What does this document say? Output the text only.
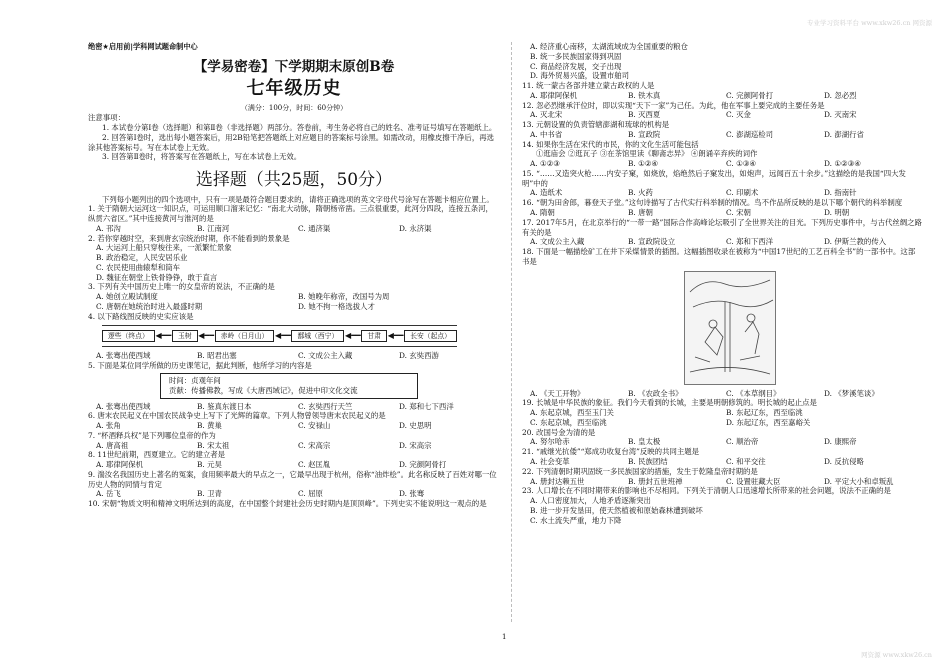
专业学习资料平台 www.xkw26.cn 网资源
网资源 www.xkw26.cn
绝密★启用前|学科网试题命制中心
【学易密卷】下学期期末原创B卷
七年级历史
（满分：100分，时间：60分钟）

注意事项：

1. 本试卷分第Ⅰ卷（选择题）和第Ⅱ卷（非选择题）两部分。答卷前，考生务必将自己的姓名、准考证号填写在答题纸上。

2. 回答第Ⅰ卷时，选出每小题答案后，用2B铅笔把答题纸上对应题目的答案标号涂黑。如需改动，用橡皮擦干净后，再选涂其他答案标号。写在本试卷上无效。

3. 回答第Ⅱ卷时，将答案写在答题纸上，写在本试卷上无效。

选择题（共25题，50分）

下列每小题列出的四个选项中，只有一项是最符合题目要求的，请将正确选项的英文字母代号涂写在答题卡相应位置上。

1. 关于隋朝大运河这一知识点，可运用顺口溜来记忆：“南北大动脉，隋朝杨帝凿。三点很重要，此河分四段，连接五条河，纵贯六省区。”其中连接黄河与淮河的是

A. 邗沟	B. 江南河	C. 通济渠	D. 永济渠

2. 若你穿越时空，来到唐玄宗统治时期，你不能看到的景象是

A. 大运河上船只穿梭往来，一派繁忙景象
B. 政治稳定，人民安居乐业
C. 农民使用曲辕犁和筒车
D. 魏征在朝堂上铁骨铮铮，敢于直言

3. 下列有关中国历史上唯一的女皇帝的说法，不正确的是

A. 她创立殿试制度	B. 她晚年称帝，改国号为周
C. 唐朝在她统治时进入最盛时期	D. 她不拘一格选拔人才

4. 以下路线图反映的史实应该是

逻些（终点） ◀━━ 玉树 ◀━━ 赤岭（日月山） ◀━━ 鄯城（西宁） ◀━━ 甘肃 ◀━━ 长安（起点）
A. 张骞出使西域	B. 昭君出塞	C. 文成公主入藏	D. 玄奘西游

5. 下面是某位同学所做的历史课笔记，据此判断，他所学习的内容是

时间：贞观年间
贡献：传播佛教，写成《大唐西域记》，促进中印文化交流
A. 张骞出使西域	B. 鉴真东渡日本	C. 玄奘西行天竺	D. 郑和七下西洋

6. 唐末农民起义在中国农民战争史上写下了光辉的篇章。下列人物曾领导唐末农民起义的是

A. 张角	B. 黄巢	C. 安禄山	D. 史思明

7. “杯酒释兵权”是下列哪位皇帝的作为

A. 唐高祖	B. 宋太祖	C. 宋高宗	D. 宋高宗

8. 11世纪前期，西夏建立。它的建立者是

A. 耶律阿保机	B. 元昊	C. 赵匡胤	D. 完颜阿骨打

9. 湍汝名我国历史上著名的冤案，食用频率最大的早点之一，它最早出现于杭州，俗称“油炸桧”。此名称反映了百姓对哪一位历史人物的同情与肯定

A. 岳飞	B. 卫青	C. 屈原	D. 张骞

10. 宋朝“物质文明和精神文明所达到的高度，在中国整个封建社会历史时期内是顶顶峰”。下列史实不能说明这一观点的是

A. 经济重心南移，太湖流域成为全国重要的粮仓
B. 统一多民族国家得到巩固
C. 商品经济发展，交子出现
D. 海外贸易兴盛，设置市舶司

11. 统一蒙古各部并建立蒙古政权的人是

A. 耶律阿保机	B. 铁木真	C. 完颜阿骨打	D. 忽必烈

12. 忽必烈继承汗位时，即以实现“天下一家”为己任。为此，他在军事上要完成的主要任务是

A. 灭北宋	B. 灭西夏	C. 灭金	D. 灭南宋

13. 元朝设置的负责管辖澎湖和琉球的机构是

A. 中书省	B. 宣政院	C. 澎湖巡检司	D. 澎湖行省

14. 如果你生活在宋代的市民，你的文化生活可能包括

①逛庙会 ②逛瓦子 ③在茶馆里读《聊斋志异》 ④朗诵辛弃疾的词作

A. ①②③	B. ①②④	C. ①③④	D. ①②③④

15. “……又造突火枪……内安子窠，如烧放，焰绝然后子窠发出，如炮声，远闻百五十余步。”这描绘的是我国“四大发明”中的

A. 造纸术	B. 火药	C. 印刷术	D. 指南针

16. “朝为田舍郎，暮登天子堂。”这句诗描写了古代实行科举制的情况。鸟不作品所反映的是以下哪个朝代的科举制度

A. 隋朝	B. 唐朝	C. 宋朝	D. 明朝

17. 2017年5月，在北京举行的“一带一路”国际合作高峰论坛吸引了全世界关注的目光。下列历史事件中，与古代丝绸之路有关的是

A. 文成公主入藏	B. 宣政院设立	C. 郑和下西洋	D. 伊斯兰教的传入

18. 下面是一幅描绘矿工在井下采煤情景的插图。这幅插图收录在被称为“中国17世纪的工艺百科全书”的一部书中。这部书是

A. 《天工开物》	B. 《农政全书》	C. 《本草纲目》	D. 《梦溪笔谈》

19. 长城是中华民族的象征。我们今天看到的长城，主要是明朝修筑的。明长城的起止点是

A. 东起京城，西至玉门关	B. 东起辽东，西至临洮
C. 东起京城，西至临洮	D. 东起辽东，西至嘉峪关

20. 改国号金为清的是

A. 努尔哈赤	B. 皇太极	C. 顺治帝	D. 康熙帝

21. “戚继光抗倭”“郑成功收复台湾”反映的共同主题是

A. 社会变革	B. 民族团结	C. 和平交往	D. 反抗侵略

22. 下列清朝时期巩固统一多民族国家的措施，发生于乾隆皇帝时期的是

A. 册封达赖五世	B. 册封五世班禅	C. 设置驻藏大臣	D. 平定大小和卓叛乱

23. 人口增长在不同时期带来的影响也不尽相同。下列关于清朝人口迅速增长所带来的社会问题，说法不正确的是

A. 人口密度加大，人地矛盾逐渐突出
B. 进一步开发垦田，使天然植被和原始森林遭到破坏
C. 水土流失严重，地力下降
1
